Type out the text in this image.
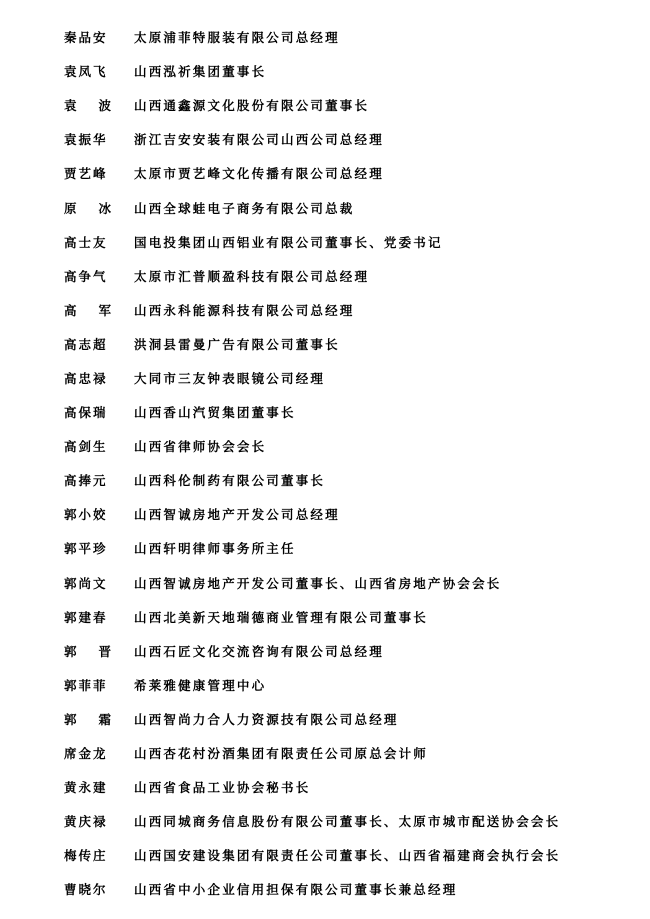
秦品安	太原浦菲特服装有限公司总经理
袁凤飞	山西泓祈集团董事长
袁波 山西通鑫源文化股份有限公司董事长
袁振华	浙江吉安安装有限公司山西公司总经理
贾艺峰	太原市贾艺峰文化传播有限公司总经理
原冰 山西全球蛙电子商务有限公司总裁
高士友	国电投集团山西铝业有限公司董事长、党委书记
高争气	太原市汇普顺盈科技有限公司总经理
高军 山西永科能源科技有限公司总经理
高志超	洪洞县雷曼广告有限公司董事长
高忠禄	大同市三友钟表眼镜公司经理
高保瑞	山西香山汽贸集团董事长
高剑生	山西省律师协会会长
高捧元	山西科伦制药有限公司董事长
郭小姣	山西智诚房地产开发公司总经理
郭平珍	山西轩明律师事务所主任
郭尚文	山西智诚房地产开发公司董事长、山西省房地产协会会长
郭建春	山西北美新天地瑞德商业管理有限公司董事长
郭晋 山西石匠文化交流咨询有限公司总经理
郭菲菲	希莱雅健康管理中心
郭霜 山西智尚力合人力资源技有限公司总经理
席金龙	山西杏花村汾酒集团有限责任公司原总会计师
黄永建	山西省食品工业协会秘书长
黄庆禄	山西同城商务信息股份有限公司董事长、太原市城市配送协会会长
梅传庄	山西国安建设集团有限责任公司董事长、山西省福建商会执行会长
曹晓尔	山西省中小企业信用担保有限公司董事长兼总经理
